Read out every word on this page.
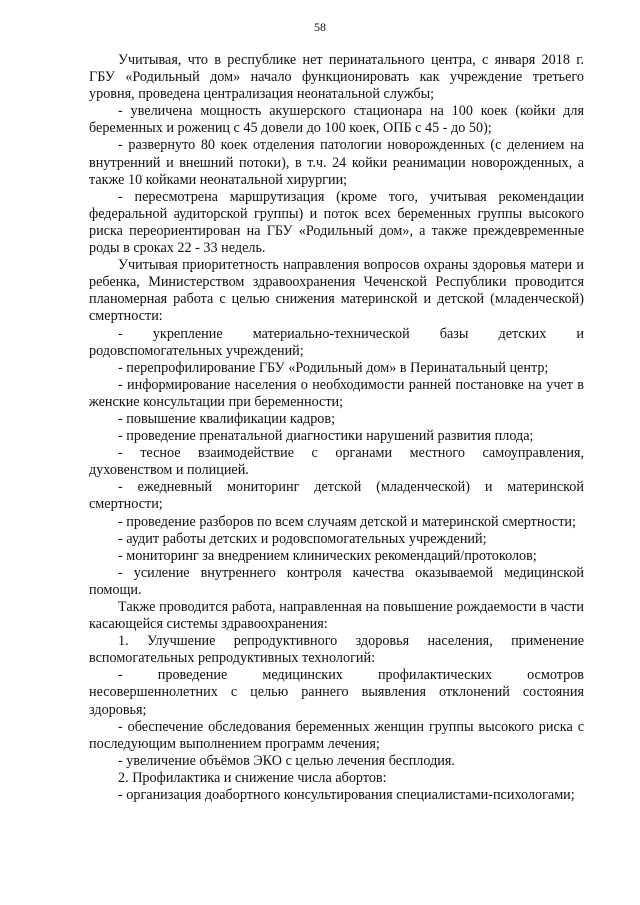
58

Учитывая, что в республике нет перинатального центра, с января 2018 г. ГБУ «Родильный дом» начало функционировать как учреждение третьего уровня, проведена централизация неонатальной службы;

- увеличена мощность акушерского стационара на 100 коек (койки для беременных и рожениц с 45 довели до 100 коек, ОПБ с 45 - до 50);

- развернуто 80 коек отделения патологии новорожденных (с делением на внутренний и внешний потоки), в т.ч. 24 койки реанимации новорожденных, а также 10 койками неонатальной хирургии;

- пересмотрена маршрутизация (кроме того, учитывая рекомендации федеральной аудиторской группы) и поток всех беременных группы высокого риска переориентирован на ГБУ «Родильный дом», а также преждевременные роды в сроках 22 - 33 недель.

Учитывая приоритетность направления вопросов охраны здоровья матери и ребенка, Министерством здравоохранения Чеченской Республики проводится планомерная работа с целью снижения материнской и детской (младенческой) смертности:

- укрепление материально-технической базы детских и родовспомогательных учреждений;

- перепрофилирование ГБУ «Родильный дом» в Перинатальный центр;

- информирование населения о необходимости ранней постановке на учет в женские консультации при беременности;

- повышение квалификации кадров;

- проведение пренатальной диагностики нарушений развития плода;

- тесное взаимодействие с органами местного самоуправления, духовенством и полицией.

- ежедневный мониторинг детской (младенческой) и материнской смертности;

- проведение разборов по всем случаям детской и материнской смертности;

- аудит работы детских и родовспомогательных учреждений;

- мониторинг за внедрением клинических рекомендаций/протоколов;

- усиление внутреннего контроля качества оказываемой медицинской помощи.

Также проводится работа, направленная на повышение рождаемости в части касающейся системы здравоохранения:

1. Улучшение репродуктивного здоровья населения, применение вспомогательных репродуктивных технологий:

- проведение медицинских профилактических осмотров несовершеннолетних с целью раннего выявления отклонений состояния здоровья;

- обеспечение обследования беременных женщин группы высокого риска с последующим выполнением программ лечения;

- увеличение объёмов ЭКО с целью лечения бесплодия.

2. Профилактика и снижение числа абортов:

- организация доабортного консультирования специалистами-психологами;
